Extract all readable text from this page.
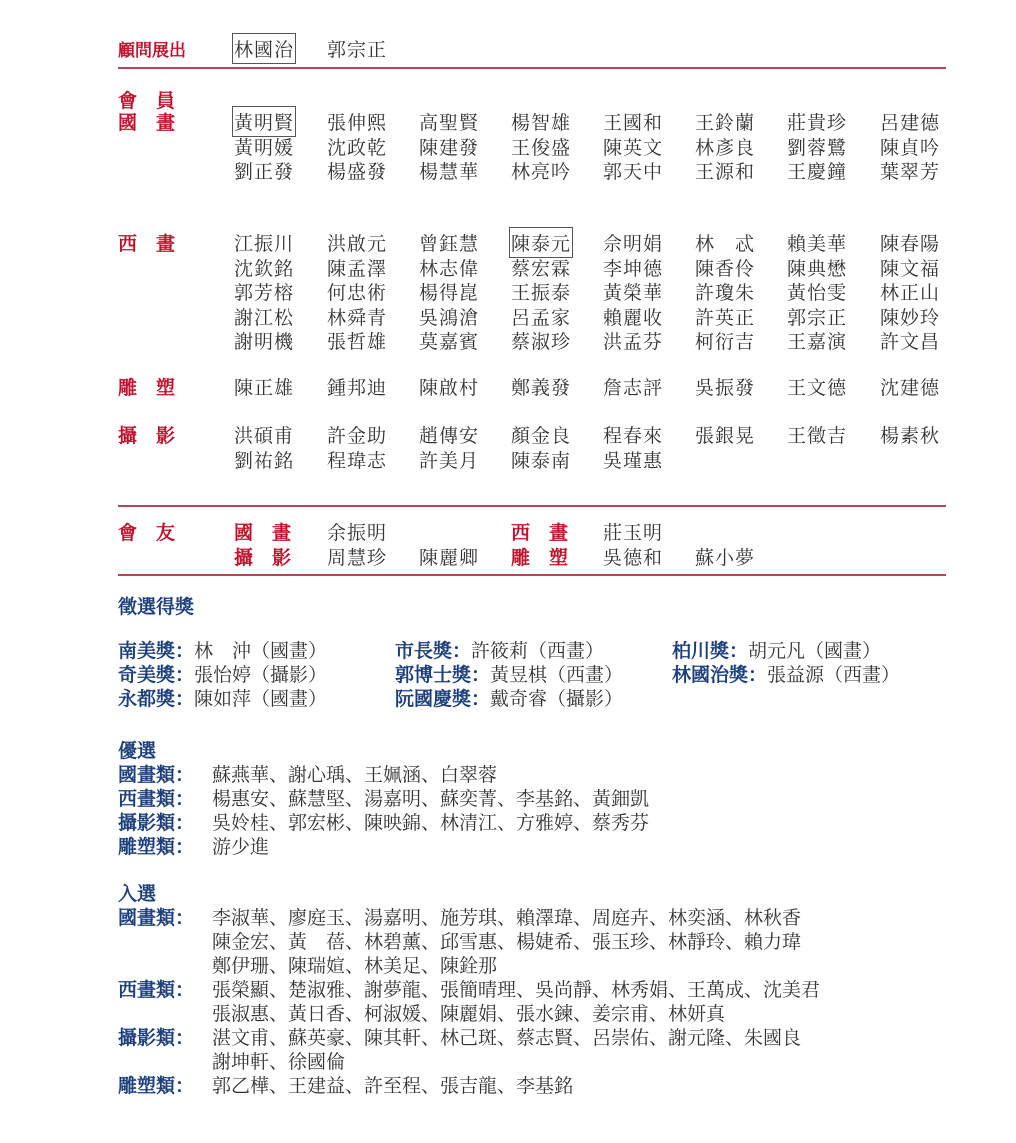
顧問展出	林國治 郭宗正
會　員
國　畫	黃明賢 張伸熙 高聖賢 楊智雄 王國和 王鈴蘭 莊貴珍 呂建德
黃明媛 沈政乾 陳建發 王俊盛 陳英文 林彥良 劉蓉鷺 陳貞吟
劉正發 楊盛發 楊慧華 林亮吟 郭天中 王源和 王慶鐘 葉翠芳
西　畫	江振川 洪啟元 曾鈺慧 陳泰元 佘明娟 林　忒 賴美華 陳春陽
沈欽銘 陳孟澤 林志偉 蔡宏霖 李坤德 陳香伶 陳典懋 陳文福
郭芳榕 何忠術 楊得崑 王振泰 黃榮華 許瓊朱 黃怡雯 林正山
謝江松 林舜青 吳鴻滄 呂孟家 賴麗收 許英正 郭宗正 陳妙玲
謝明機 張哲雄 莫嘉賓 蔡淑珍 洪孟芬 柯衍吉 王嘉演 許文昌
雕　塑	陳正雄 鍾邦迪 陳啟村 鄭義發 詹志評 吳振發 王文德 沈建德
攝　影	洪碩甫 許金助 趙傳安 顏金良 程春來 張銀晃 王徵吉 楊素秋
劉祐銘 程瑋志 許美月 陳泰南 吳瑾惠
會　友	國　畫 余振明	西　畫 莊玉明
攝　影 周慧珍 陳麗卿 雕　塑 吳德和 蘇小夢
徵選得獎
南美獎：林　沖（國畫）	市長獎：許筱莉（西畫）	柏川獎：胡元凡（國畫）
奇美獎：張怡婷（攝影）	郭博士獎：黃昱棋（西畫）	林國治獎：張益源（西畫）
永都獎：陳如萍（國畫）	阮國慶獎：戴奇睿（攝影）
優選
國畫類： 蘇燕華、謝心瑀、王姵涵、白翠蓉
西畫類： 楊惠安、蘇慧堅、湯嘉明、蘇奕菁、李基銘、黃鈿凱
攝影類： 吳姈桂、郭宏彬、陳映錦、林清江、方雅婷、蔡秀芬
雕塑類： 游少進
入選
國畫類： 李淑華、廖庭玉、湯嘉明、施芳琪、賴澤瑋、周庭卉、林奕涵、林秋香
陳金宏、黃　蓓、林碧薰、邱雪惠、楊婕希、張玉珍、林靜玲、賴力瑋
鄭伊珊、陳瑞媗、林美足、陳銓那
西畫類： 張榮顯、楚淑雅、謝夢龍、張簡晴理、吳尚靜、林秀娟、王萬成、沈美君
張淑惠、黃日香、柯淑媛、陳麗娟、張水鍊、姜宗甫、林妍真
攝影類： 湛文甫、蘇英豪、陳其軒、林己斑、蔡志賢、呂崇佑、謝元隆、朱國良
謝坤軒、徐國倫
雕塑類： 郭乙樺、王建益、許至程、張吉龍、李基銘
